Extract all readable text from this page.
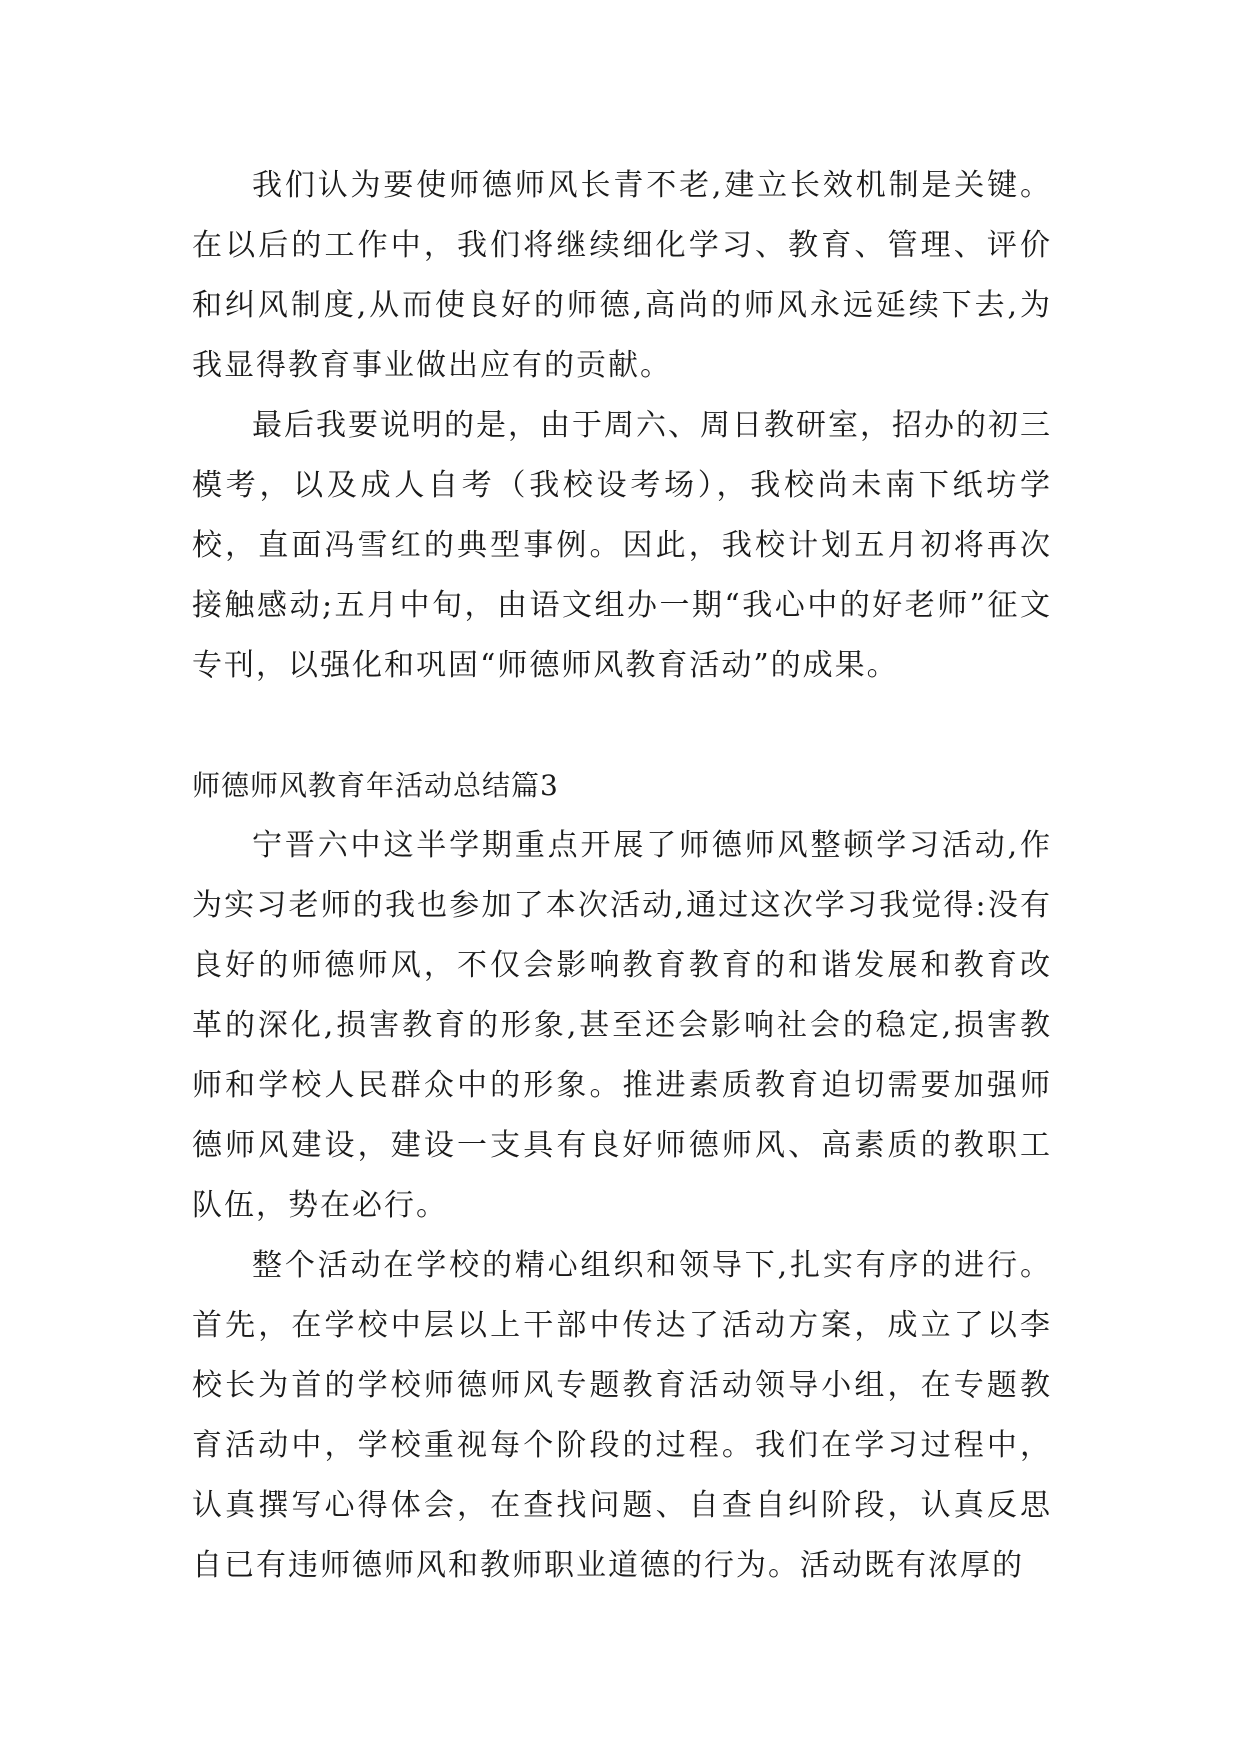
我们认为要使师德师风长青不老,建立长效机制是关键。在以后的工作中，我们将继续细化学习、教育、管理、评价和纠风制度,从而使良好的师德,高尚的师风永远延续下去,为我显得教育事业做出应有的贡献。

最后我要说明的是，由于周六、周日教研室，招办的初三模考，以及成人自考（我校设考场），我校尚未南下纸坊学校，直面冯雪红的典型事例。因此，我校计划五月初将再次接触感动;五月中旬，由语文组办一期“我心中的好老师”征文专刊，以强化和巩固“师德师风教育活动”的成果。

师德师风教育年活动总结篇3

宁晋六中这半学期重点开展了师德师风整顿学习活动,作为实习老师的我也参加了本次活动,通过这次学习我觉得:没有良好的师德师风，不仅会影响教育教育的和谐发展和教育改革的深化,损害教育的形象,甚至还会影响社会的稳定,损害教师和学校人民群众中的形象。推进素质教育迫切需要加强师德师风建设，建设一支具有良好师德师风、高素质的教职工队伍，势在必行。

整个活动在学校的精心组织和领导下,扎实有序的进行。首先，在学校中层以上干部中传达了活动方案，成立了以李校长为首的学校师德师风专题教育活动领导小组，在专题教育活动中，学校重视每个阶段的过程。我们在学习过程中，认真撰写心得体会，在查找问题、自查自纠阶段，认真反思自已有违师德师风和教师职业道德的行为。活动既有浓厚的
